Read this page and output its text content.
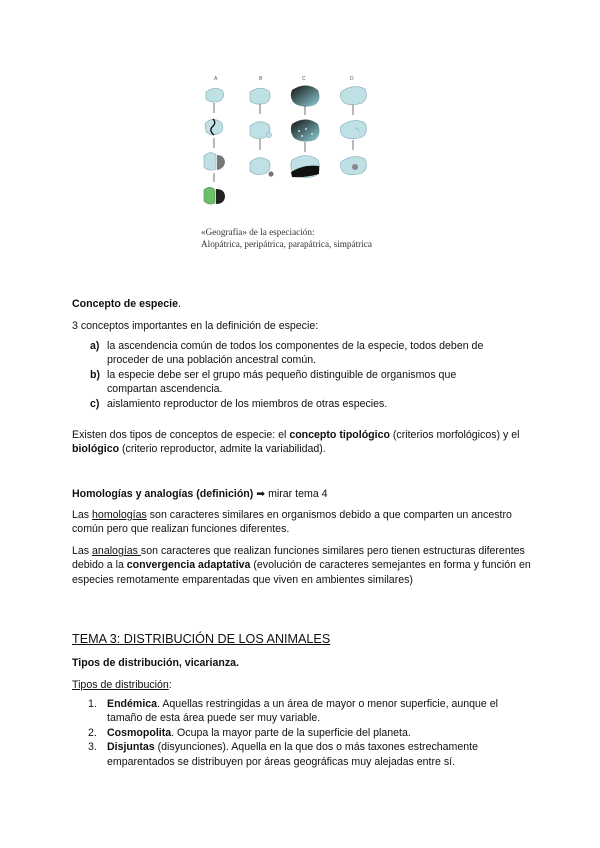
A	B	C	D
«Geografía» de la especiación:
Alopátrica, peripátrica, parapátrica, simpátrica
Concepto de especie.
3 conceptos importantes en la definición de especie:
a) la ascendencia común de todos los componentes de la especie, todos deben de proceder de una población ancestral común.
b) la especie debe ser el grupo más pequeño distinguible de organismos que compartan ascendencia.
c) aislamiento reproductor de los miembros de otras especies.
Existen dos tipos de conceptos de especie: el concepto tipológico (criterios morfológicos) y el biológico (criterio reproductor, admite la variabilidad).
Homologías y analogías (definición) ➡ mirar tema 4
Las homologías son caracteres similares en organismos debido a que comparten un ancestro común pero que realizan funciones diferentes.
Las analogías son caracteres que realizan funciones similares pero tienen estructuras diferentes debido a la convergencia adaptativa (evolución de caracteres semejantes en forma y función en especies remotamente emparentadas que viven en ambientes similares)
TEMA 3: DISTRIBUCIÓN DE LOS ANIMALES
Tipos de distribución, vicarianza.
Tipos de distribución:
1. Endémica. Aquellas restringidas a un área de mayor o menor superficie, aunque el tamaño de esta área puede ser muy variable.
2. Cosmopolita. Ocupa la mayor parte de la superficie del planeta.
3. Disjuntas (disyunciones). Aquella en la que dos o más taxones estrechamente emparentados se distribuyen por áreas geográficas muy alejadas entre sí.
